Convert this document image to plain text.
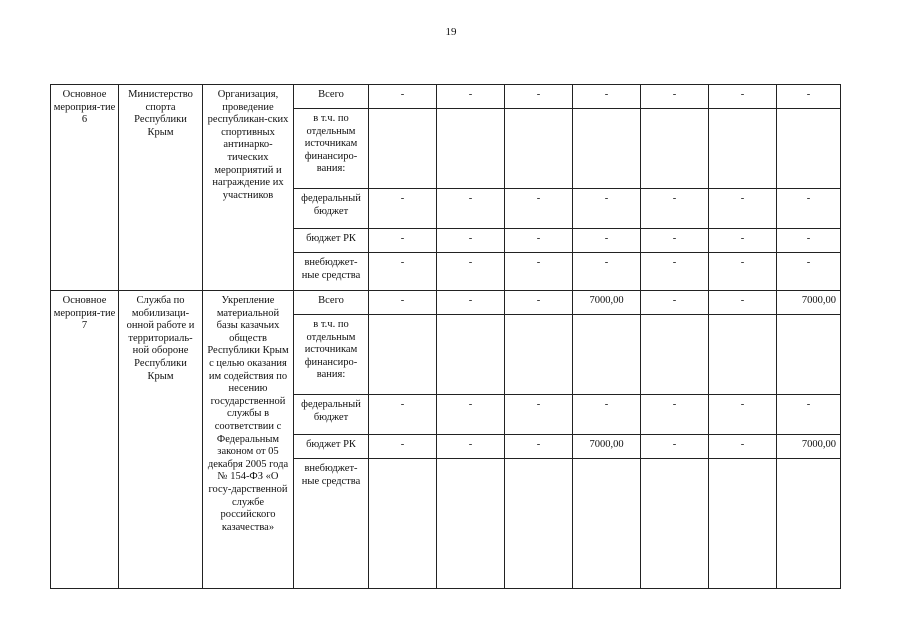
19
Основное мероприя-тие 6	Министерство спорта Республики Крым	Организация, проведение республикан-ских спортивных антинарко-тических мероприятий и награждение их участников	Всего	-	-	-	-	-	-	-
			в т.ч. по отдельным источникам финансиро-вания:							
			федеральный бюджет	-	-	-	-	-	-	-
			бюджет РК	-	-	-	-	-	-	-
			внебюджет-ные средства	-	-	-	-	-	-	-
Основное мероприя-тие 7	Служба по мобилизаци-онной работе и территориаль-ной обороне Республики Крым	Укрепление материальной базы казачьих обществ Республики Крым с целью оказания им содействия по несению государственной службы в соответствии с Федеральным законом от 05 декабря 2005 года № 154-ФЗ «О госу-дарственной службе российского казачества»	Всего	-	-	-	7000,00	-	-	7000,00
			в т.ч. по отдельным источникам финансиро-вания:							
			федеральный бюджет	-	-	-	-	-	-	-
			бюджет РК	-	-	-	7000,00	-	-	7000,00
			внебюджет-ные средства							
